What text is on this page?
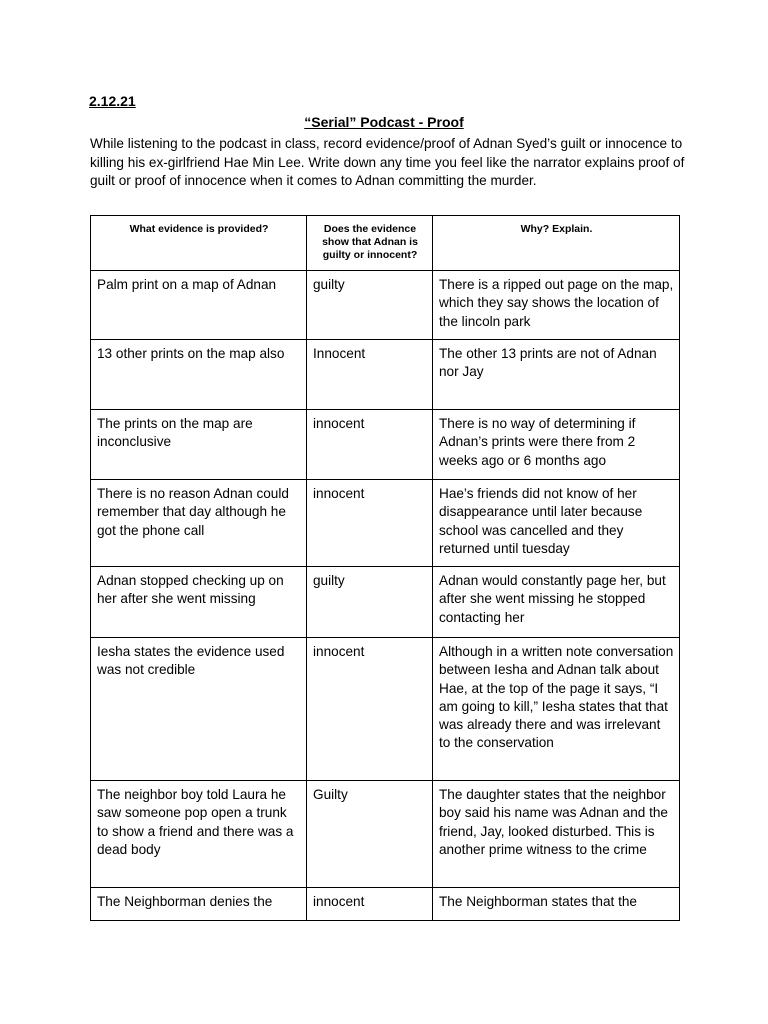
2.12.21
“Serial” Podcast - Proof
While listening to the podcast in class, record evidence/proof of Adnan Syed’s guilt or innocence to killing his ex-girlfriend Hae Min Lee. Write down any time you feel like the narrator explains proof of guilt or proof of innocence when it comes to Adnan committing the murder.
What evidence is provided?	Does the evidence show that Adnan is guilty or innocent?	Why? Explain.
Palm print on a map of Adnan	guilty	There is a ripped out page on the map, which they say shows the location of the lincoln park
13 other prints on the map also	Innocent	The other 13 prints are not of Adnan nor Jay
The prints on the map are inconclusive	innocent	There is no way of determining if Adnan’s prints were there from 2 weeks ago or 6 months ago
There is no reason Adnan could remember that day although he got the phone call	innocent	Hae’s friends did not know of her disappearance until later because school was cancelled and they returned until tuesday
Adnan stopped checking up on her after she went missing	guilty	Adnan would constantly page her, but after she went missing he stopped contacting her
Iesha states the evidence used was not credible	innocent	Although in a written note conversation between Iesha and Adnan talk about Hae, at the top of the page it says, “I am going to kill,” Iesha states that that was already there and was irrelevant to the conservation
The neighbor boy told Laura he saw someone pop open a trunk to show a friend and there was a dead body	Guilty	The daughter states that the neighbor boy said his name was Adnan and the friend, Jay, looked disturbed. This is another prime witness to the crime
The Neighborman denies the	innocent	The Neighborman states that the
